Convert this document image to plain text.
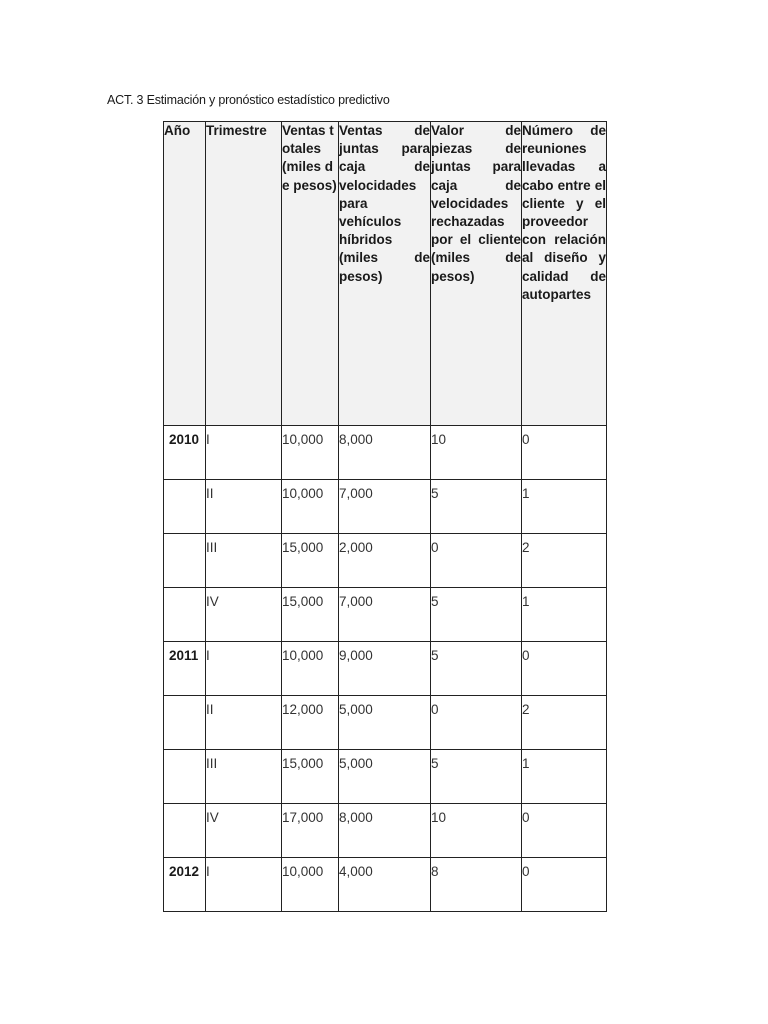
ACT. 3 Estimación y pronóstico estadístico predictivo
Año	Trimestre	Ventas totales (miles de pesos)	Ventas de juntas para caja de velocidades para vehículos híbridos (miles de pesos)	Valor de piezas de juntas para caja de velocidades rechazadas por el cliente (miles de pesos)	Número de reuniones llevadas a cabo entre el cliente y el proveedor con relación al diseño y calidad de autopartes

2010	I	10,000	8,000	10	0
	II	10,000	7,000	5	1
	III	15,000	2,000	0	2
	IV	15,000	7,000	5	1
2011	I	10,000	9,000	5	0
	II	12,000	5,000	0	2
	III	15,000	5,000	5	1
	IV	17,000	8,000	10	0
2012	I	10,000	4,000	8	0
